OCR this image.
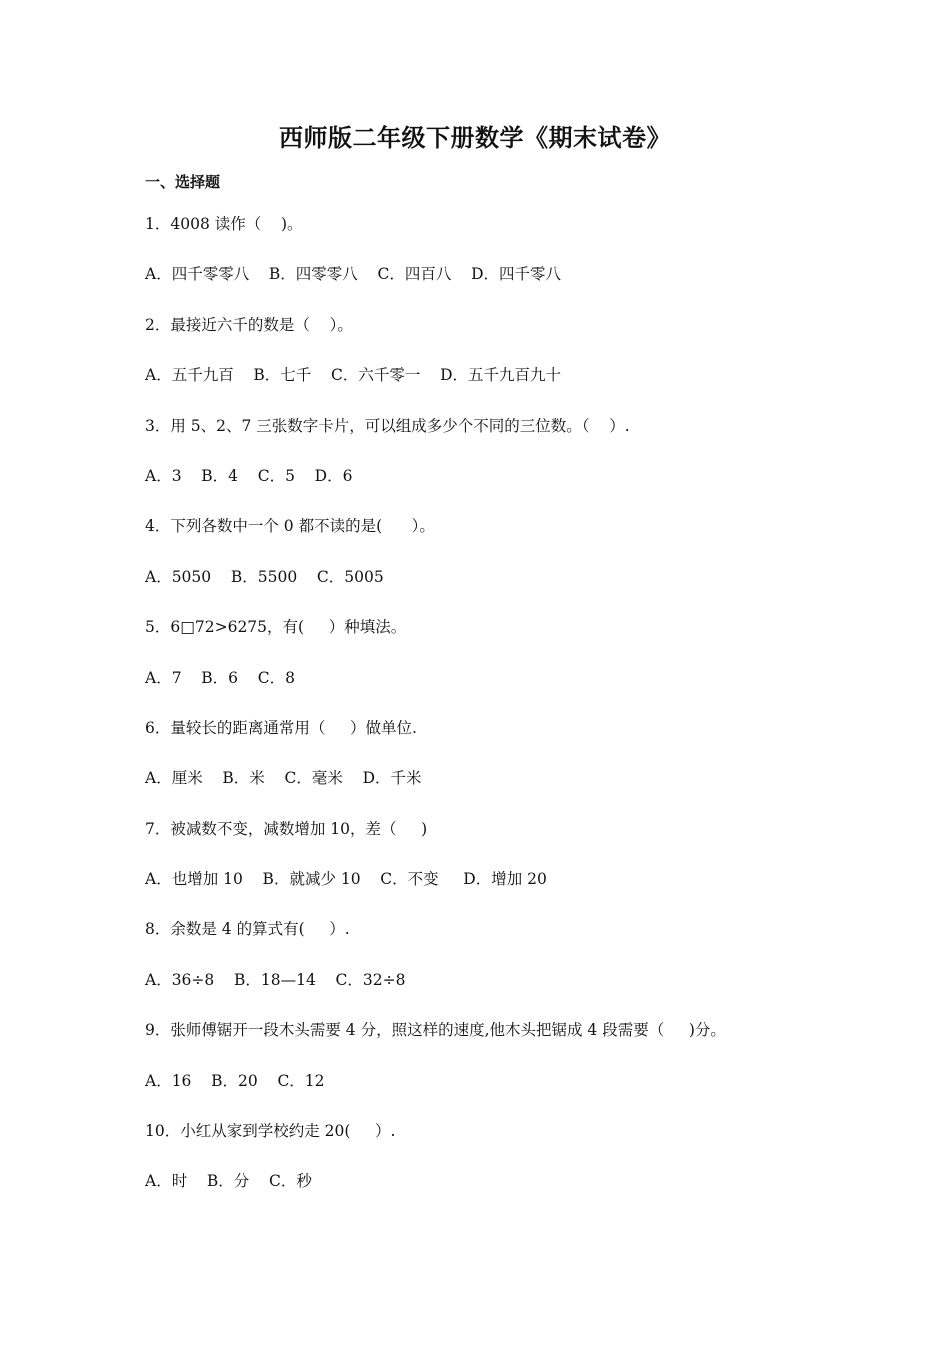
西师版二年级下册数学《期末试卷》
一、选择题
1．4008 读作（    )。
A．四千零零八    B．四零零八    C．四百八    D．四千零八
2．最接近六千的数是（    ）。
A．五千九百    B．七千    C．六千零一    D．五千九百九十
3．用 5、2、7 三张数字卡片，可以组成多少个不同的三位数。（    ）.
A．3    B．4    C．5    D．6
4．下列各数中一个 0 都不读的是(      ）。
A．5050    B．5500    C．5005
5．6□72>6275，有(     ）种填法。
A．7    B．6    C．8
6．量较长的距离通常用（     ）做单位.
A．厘米    B．米    C．毫米    D．千米
7．被减数不变，减数增加 10，差（     )
A．也增加 10    B．就减少 10    C．不变     D．增加 20
8．余数是 4 的算式有(     ）.
A．36÷8    B．18—14    C．32÷8
9．张师傅锯开一段木头需要 4 分，照这样的速度,他木头把锯成 4 段需要（     )分。
A．16    B．20    C．12
10．小红从家到学校约走 20(     ）.
A．时    B．分    C．秒
